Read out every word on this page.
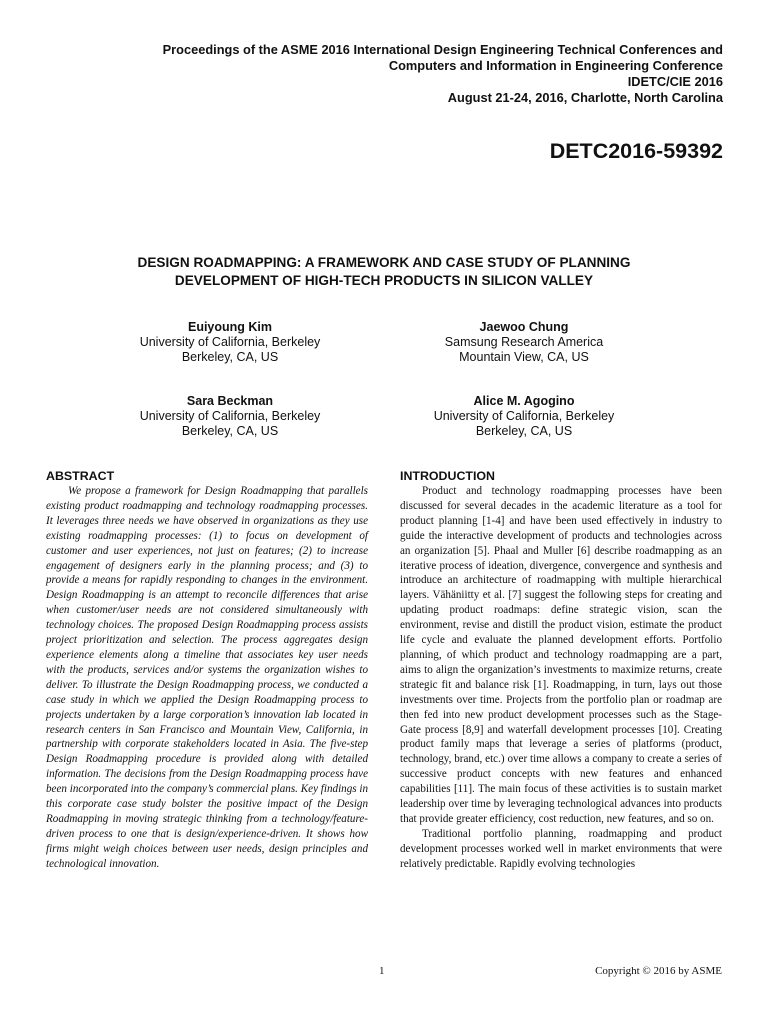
Proceedings of the ASME 2016 International Design Engineering Technical Conferences and
Computers and Information in Engineering Conference
IDETC/CIE 2016
August 21-24, 2016, Charlotte, North Carolina
DETC2016-59392
DESIGN ROADMAPPING: A FRAMEWORK AND CASE STUDY OF PLANNING
DEVELOPMENT OF HIGH-TECH PRODUCTS IN SILICON VALLEY
Euiyoung Kim
University of California, Berkeley
Berkeley, CA, US
Jaewoo Chung
Samsung Research America
Mountain View, CA, US
Sara Beckman
University of California, Berkeley
Berkeley, CA, US
Alice M. Agogino
University of California, Berkeley
Berkeley, CA, US
ABSTRACT

We propose a framework for Design Roadmapping that parallels existing product roadmapping and technology roadmapping processes. It leverages three needs we have observed in organizations as they use existing roadmapping processes: (1) to focus on development of customer and user experiences, not just on features; (2) to increase engagement of designers early in the planning process; and (3) to provide a means for rapidly responding to changes in the environment. Design Roadmapping is an attempt to reconcile differences that arise when customer/user needs are not considered simultaneously with technology choices. The proposed Design Roadmapping process assists project prioritization and selection. The process aggregates design experience elements along a timeline that associates key user needs with the products, services and/or systems the organization wishes to deliver. To illustrate the Design Roadmapping process, we conducted a case study in which we applied the Design Roadmapping process to projects undertaken by a large corporation’s innovation lab located in research centers in San Francisco and Mountain View, California, in partnership with corporate stakeholders located in Asia. The five-step Design Roadmapping procedure is provided along with detailed information. The decisions from the Design Roadmapping process have been incorporated into the company’s commercial plans. Key findings in this corporate case study bolster the positive impact of the Design Roadmapping in moving strategic thinking from a technology/feature-driven process to one that is design/experience-driven. It shows how firms might weigh choices between user needs, design principles and technological innovation.

INTRODUCTION

Product and technology roadmapping processes have been discussed for several decades in the academic literature as a tool for product planning [1-4] and have been used effectively in industry to guide the interactive development of products and technologies across an organization [5]. Phaal and Muller [6] describe roadmapping as an iterative process of ideation, divergence, convergence and synthesis and introduce an architecture of roadmapping with multiple hierarchical layers. Vähäniitty et al. [7] suggest the following steps for creating and updating product roadmaps: define strategic vision, scan the environment, revise and distill the product vision, estimate the product life cycle and evaluate the planned development efforts. Portfolio planning, of which product and technology roadmapping are a part, aims to align the organization’s investments to maximize returns, create strategic fit and balance risk [1]. Roadmapping, in turn, lays out those investments over time. Projects from the portfolio plan or roadmap are then fed into new product development processes such as the Stage-Gate process [8,9] and waterfall development processes [10]. Creating product family maps that leverage a series of platforms (product, technology, brand, etc.) over time allows a company to create a series of successive product concepts with new features and enhanced capabilities [11]. The main focus of these activities is to sustain market leadership over time by leveraging technological advances into products that provide greater efficiency, cost reduction, new features, and so on.

Traditional portfolio planning, roadmapping and product development processes worked well in market environments that were relatively predictable. Rapidly evolving technologies

1	Copyright © 2016 by ASME
